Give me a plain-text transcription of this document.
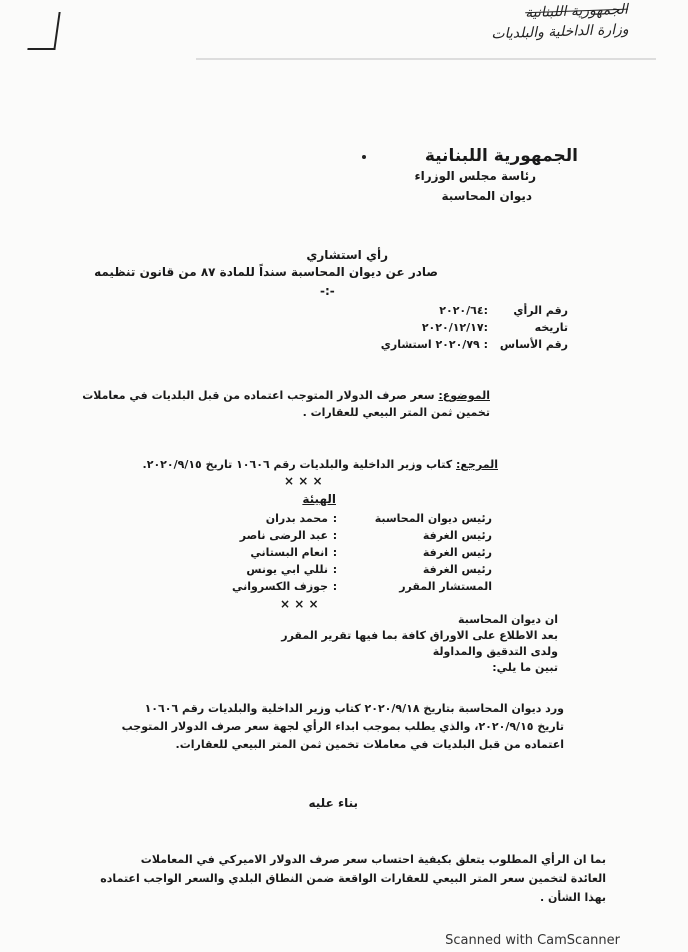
الجمهورية اللبنانية
وزارة الداخلية والبلديات
الجمهورية اللبنانية
رئاسة مجلس الوزراء
ديوان المحاسبة
رأي استشاري
صادر عن ديوان المحاسبة سنداً للمادة ٨٧ من قانون تنظيمه
-:-
رقم الرأي
:٢٠٢٠/٦٤
تاريخه
:٢٠٢٠/١٢/١٧
رقم الأساس
: ٢٠٢٠/٧٩ استشاري
الموضوع: سعر صرف الدولار المتوجب اعتماده من قبل البلديات في معاملات
تخمين ثمن المتر البيعي للعقارات .
المرجع: كتاب وزير الداخلية والبلديات رقم ١٠٦٠٦ تاريخ ٢٠٢٠/٩/١٥.
× × ×
الهيئة
رئيس ديوان المحاسبة
:
محمد بدران
رئيس الغرفة
:
عبد الرضى ناصر
رئيس الغرفة
:
انعام البستاني
رئيس الغرفة
:
نللي ابي يونس
المستشار المقرر
:
جوزف الكسرواني
× × ×
ان ديوان المحاسبة
بعد الاطلاع على الاوراق كافة بما فيها تقرير المقرر
ولدى التدقيق والمداولة
تبين ما يلي:
ورد ديوان المحاسبة بتاريخ ٢٠٢٠/٩/١٨ كتاب وزير الداخلية والبلديات رقم ١٠٦٠٦
تاريخ ٢٠٢٠/٩/١٥، والذي يطلب بموجب ابداء الرأي لجهة سعر صرف الدولار المتوجب
اعتماده من قبل البلديات في معاملات تخمين ثمن المتر البيعي للعقارات.
بناء عليه
بما ان الرأي المطلوب يتعلق بكيفية احتساب سعر صرف الدولار الاميركي في المعاملات
العائدة لتخمين سعر المتر البيعي للعقارات الواقعة ضمن النطاق البلدي والسعر الواجب اعتماده
بهذا الشأن .
Scanned with CamScanner
